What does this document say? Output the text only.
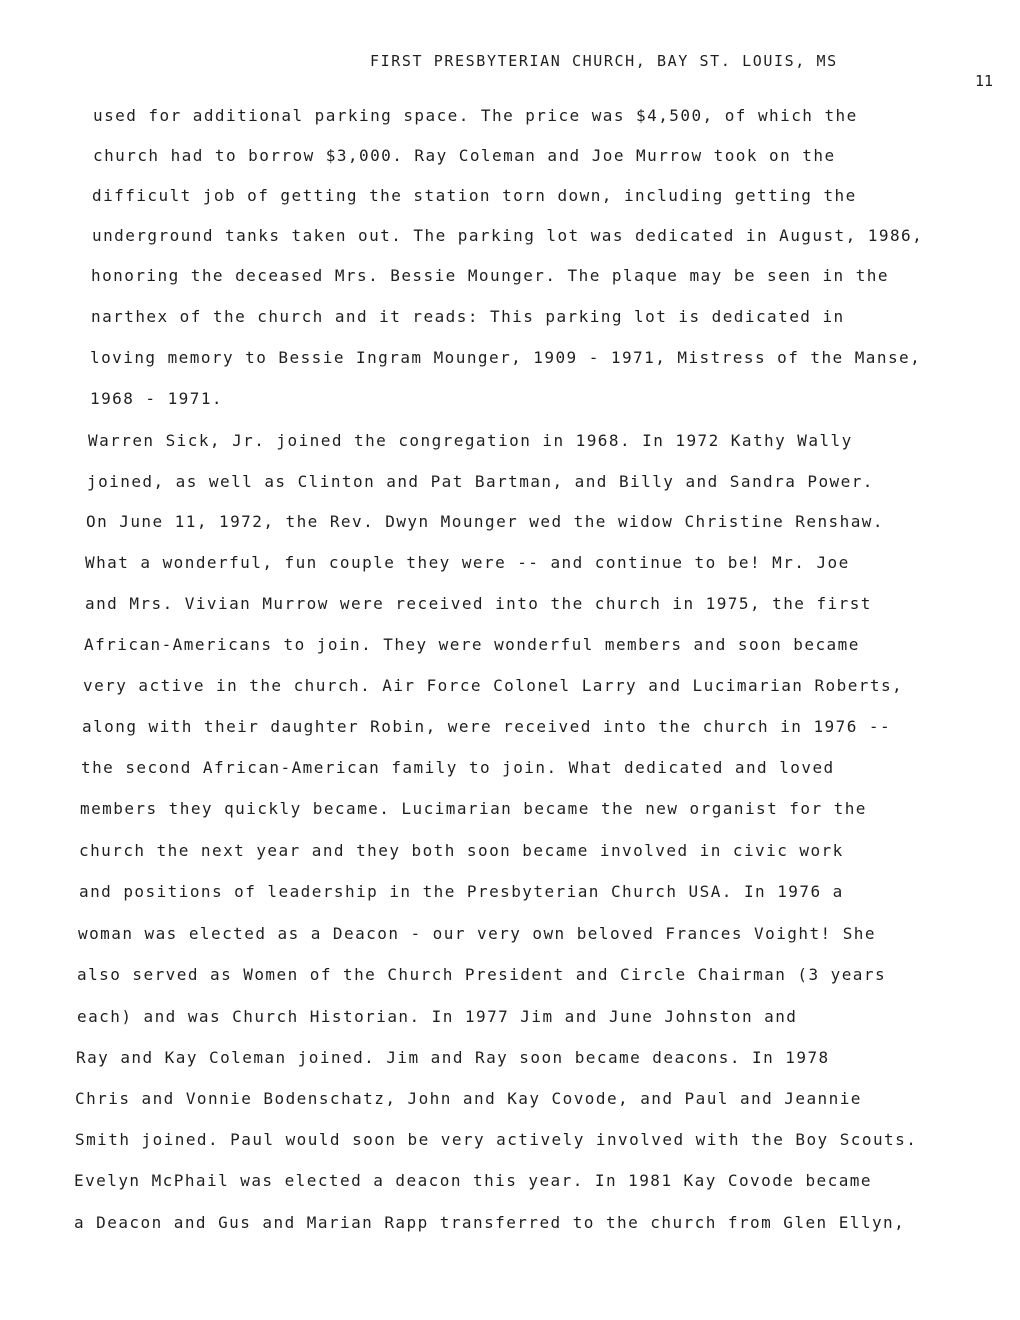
FIRST PRESBYTERIAN CHURCH, BAY ST. LOUIS, MS
11
used for additional parking space. The price was $4,500, of which the
church had to borrow $3,000. Ray Coleman and Joe Murrow took on the
difficult job of getting the station torn down, including getting the
underground tanks taken out. The parking lot was dedicated in August, 1986,
honoring the deceased Mrs. Bessie Mounger. The plaque may be seen in the
narthex of the church and it reads: This parking lot is dedicated in
loving memory to Bessie Ingram Mounger, 1909 - 1971, Mistress of the Manse,
1968 - 1971.
Warren Sick, Jr. joined the congregation in 1968. In 1972 Kathy Wally
joined, as well as Clinton and Pat Bartman, and Billy and Sandra Power.
On June 11, 1972, the Rev. Dwyn Mounger wed the widow Christine Renshaw.
What a wonderful, fun couple they were -- and continue to be! Mr. Joe
and Mrs. Vivian Murrow were received into the church in 1975, the first
African-Americans to join. They were wonderful members and soon became
very active in the church. Air Force Colonel Larry and Lucimarian Roberts,
along with their daughter Robin, were received into the church in 1976 --
the second African-American family to join. What dedicated and loved
members they quickly became. Lucimarian became the new organist for the
church the next year and they both soon became involved in civic work
and positions of leadership in the Presbyterian Church USA. In 1976 a
woman was elected as a Deacon - our very own beloved Frances Voight! She
also served as Women of the Church President and Circle Chairman (3 years
each) and was Church Historian. In 1977 Jim and June Johnston and
Ray and Kay Coleman joined. Jim and Ray soon became deacons. In 1978
Chris and Vonnie Bodenschatz, John and Kay Covode, and Paul and Jeannie
Smith joined. Paul would soon be very actively involved with the Boy Scouts.
Evelyn McPhail was elected a deacon this year. In 1981 Kay Covode became
a Deacon and Gus and Marian Rapp transferred to the church from Glen Ellyn,
